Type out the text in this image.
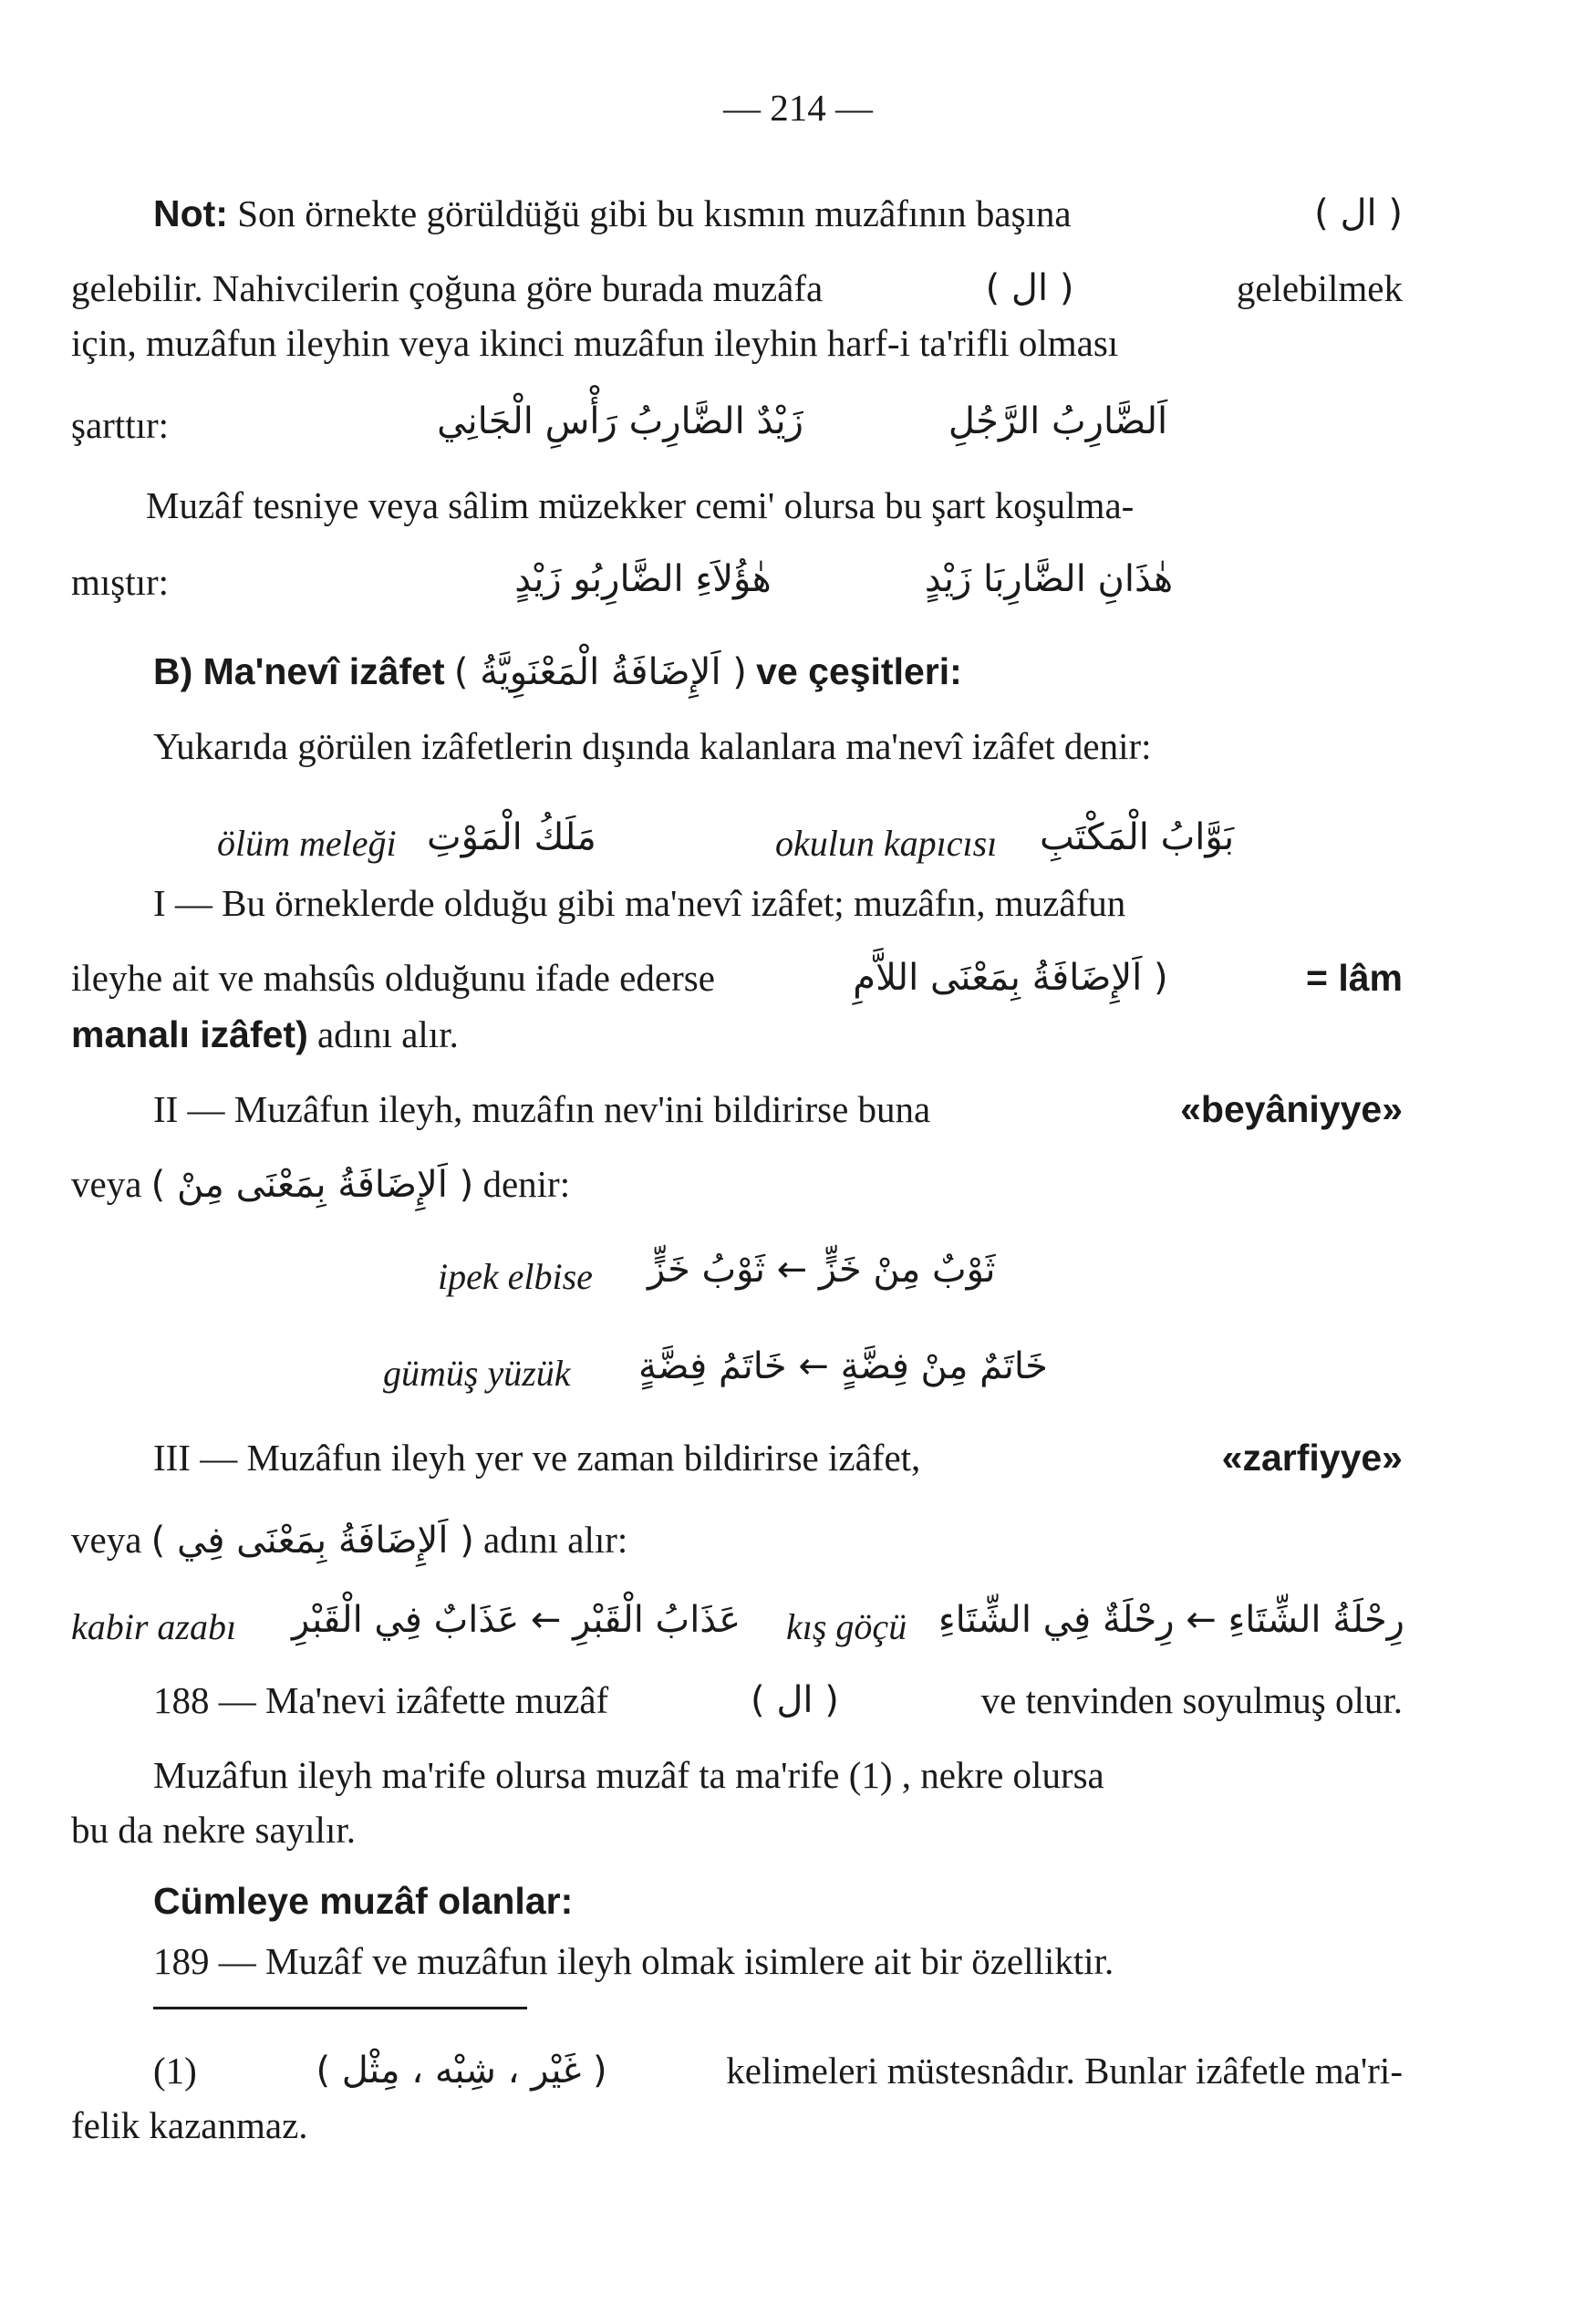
— 214 —
Not: Son örnekte görüldüğü gibi bu kısmın muzâfının başına	( ال )
gelebilir. Nahivcilerin çoğuna göre burada muzâfa	( ال )	gelebilmek
için, muzâfun ileyhin veya ikinci muzâfun ileyhin harf-i ta'rifli olması
şarttır:	زَيْدٌ الضَّارِبُ رَأْسِ الْجَانِي	اَلضَّارِبُ الرَّجُلِ
Muzâf tesniye veya sâlim müzekker cemi' olursa bu şart koşulma-
mıştır:	هٰؤُلاَءِ الضَّارِبُو زَيْدٍ	هٰذَانِ الضَّارِبَا زَيْدٍ
B) Ma'nevî izâfet ( اَلإِضَافَةُ الْمَعْنَوِيَّةُ ) ve çeşitleri:
Yukarıda görülen izâfetlerin dışında kalanlara ma'nevî izâfet denir:
ölüm meleği مَلَكُ الْمَوْتِ	okulun kapıcısı بَوَّابُ الْمَكْتَبِ
I — Bu örneklerde olduğu gibi ma'nevî izâfet; muzâfın, muzâfun
ileyhe ait ve mahsûs olduğunu ifade ederse	( اَلإِضَافَةُ بِمَعْنَى اللاَّمِ	= lâm
manalı izâfet) adını alır.
II — Muzâfun ileyh, muzâfın nev'ini bildirirse buna	«beyâniyye»
veya ( اَلإِضَافَةُ بِمَعْنَى مِنْ ) denir:
ipek elbise ثَوْبٌ مِنْ خَزٍّ ← ثَوْبُ خَزٍّ
gümüş yüzük خَاتَمٌ مِنْ فِضَّةٍ ← خَاتَمُ فِضَّةٍ
III — Muzâfun ileyh yer ve zaman bildirirse izâfet,	«zarfiyye»
veya ( اَلإِضَافَةُ بِمَعْنَى فِي ) adını alır:
kabir azabı عَذَابُ الْقَبْرِ ← عَذَابٌ فِي الْقَبْرِ	kış göçü رِحْلَةُ الشِّتَاءِ ← رِحْلَةٌ فِي الشِّتَاءِ
188 — Ma'nevi izâfette muzâf	( ال )	ve tenvinden soyulmuş olur.
Muzâfun ileyh ma'rife olursa muzâf ta ma'rife (1) , nekre olursa
bu da nekre sayılır.
Cümleye muzâf olanlar:
189 — Muzâf ve muzâfun ileyh olmak isimlere ait bir özelliktir.
(1)	( غَيْر ، شِبْه ، مِثْل )	kelimeleri müstesnâdır. Bunlar izâfetle ma'ri-
felik kazanmaz.
